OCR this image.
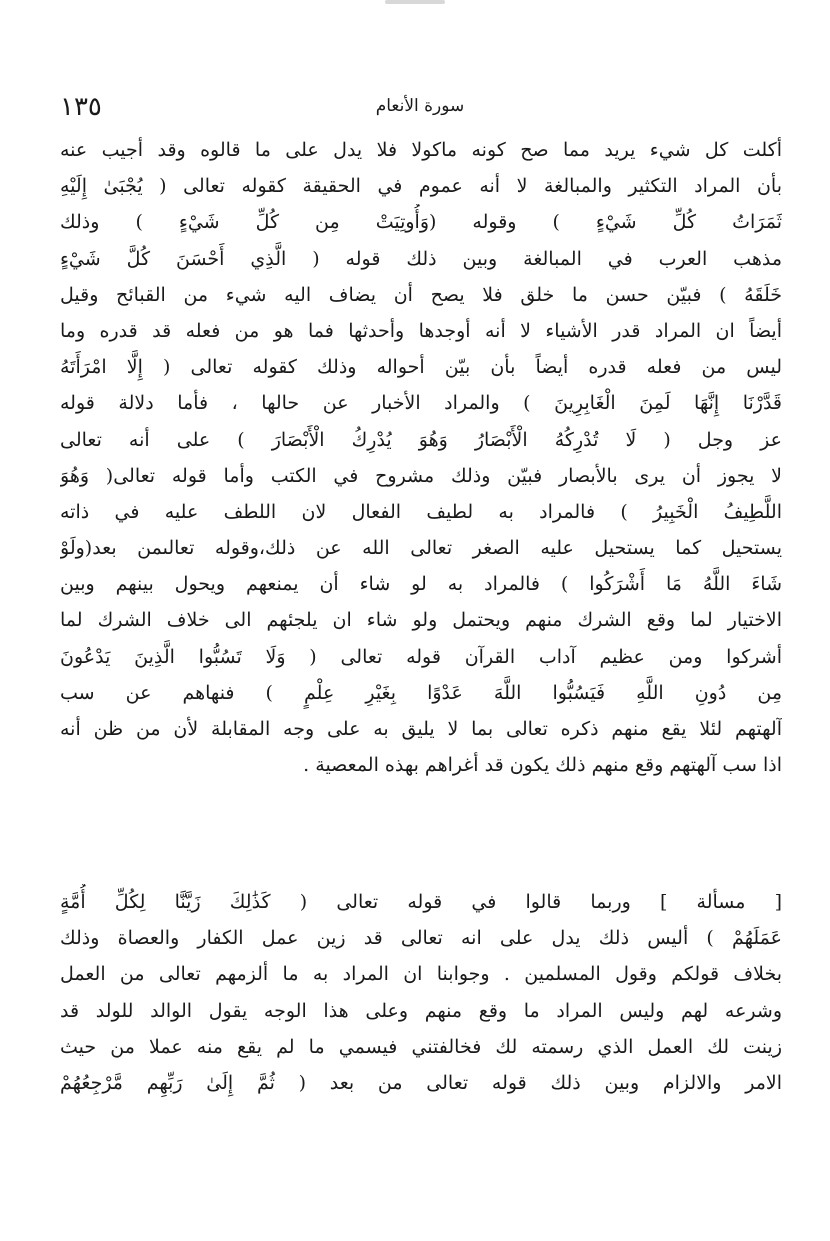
١٣٥	سورة الأنعام
أكلت كل شيء يريد مما صح كونه ماكولا فلا يدل على ما قالوه وقد أجيب عنه
بأن المراد التكثير والمبالغة لا أنه عموم في الحقيقة كقوله تعالى ( يُجْبَىٰ إِلَيْهِ
ثَمَرَاتُ كُلِّ شَيْءٍ ) وقوله (وَأُوتِيَتْ مِن كُلِّ شَيْءٍ ) وذلك
مذهب العرب في المبالغة وبين ذلك قوله ( الَّذِي أَحْسَنَ كُلَّ شَيْءٍ
خَلَقَهُ ) فبيّن حسن ما خلق فلا يصح أن يضاف اليه شيء من القبائح وقيل
أيضاً ان المراد قدر الأشياء لا أنه أوجدها وأحدثها فما هو من فعله قد قدره وما
ليس من فعله قدره أيضاً بأن بيّن أحواله وذلك كقوله تعالى ( إِلَّا امْرَأَتَهُ
قَدَّرْنَا إِنَّهَا لَمِنَ الْغَابِرِينَ ) والمراد الأخبار عن حالها ، فأما دلالة قوله
عز وجل ( لَا تُدْرِكُهُ الْأَبْصَارُ وَهُوَ يُدْرِكُ الْأَبْصَارَ ) على أنه تعالى
لا يجوز أن يرى بالأبصار فبيّن وذلك مشروح في الكتب وأما قوله تعالى( وَهُوَ
اللَّطِيفُ الْخَبِيرُ ) فالمراد به لطيف الفعال لان اللطف عليه في ذاته
يستحيل كما يستحيل عليه الصغر تعالى الله عن ذلك،وقوله تعالىمن بعد(ولَوْ
شَاءَ اللَّهُ مَا أَشْرَكُوا ) فالمراد به لو شاء أن يمنعهم ويحول بينهم وبين
الاختيار لما وقع الشرك منهم ويحتمل ولو شاء ان يلجئهم الى خلاف الشرك لما
أشركوا ومن عظيم آداب القرآن قوله تعالى ( وَلَا تَسُبُّوا الَّذِينَ يَدْعُونَ
مِن دُونِ اللَّهِ فَيَسُبُّوا اللَّهَ عَدْوًا بِغَيْرِ عِلْمٍ ) فنهاهم عن سب
آلهتهم لئلا يقع منهم ذكره تعالى بما لا يليق به على وجه المقابلة لأن من ظن أنه
اذا سب آلهتهم وقع منهم ذلك يكون قد أغراهم بهذه المعصية .
[ مسألة ] وربما قالوا في قوله تعالى ( كَذَٰلِكَ زَيَّنَّا لِكُلِّ أُمَّةٍ
عَمَلَهُمْ ) أليس ذلك يدل على انه تعالى قد زين عمل الكفار والعصاة وذلك
بخلاف قولكم وقول المسلمين . وجوابنا ان المراد به ما ألزمهم تعالى من العمل
وشرعه لهم وليس المراد ما وقع منهم وعلى هذا الوجه يقول الوالد للولد قد
زينت لك العمل الذي رسمته لك فخالفتني فيسمي ما لم يقع منه عملا من حيث
الامر والالزام وبين ذلك قوله تعالى من بعد ( ثُمَّ إِلَىٰ رَبِّهِم مَّرْجِعُهُمْ
